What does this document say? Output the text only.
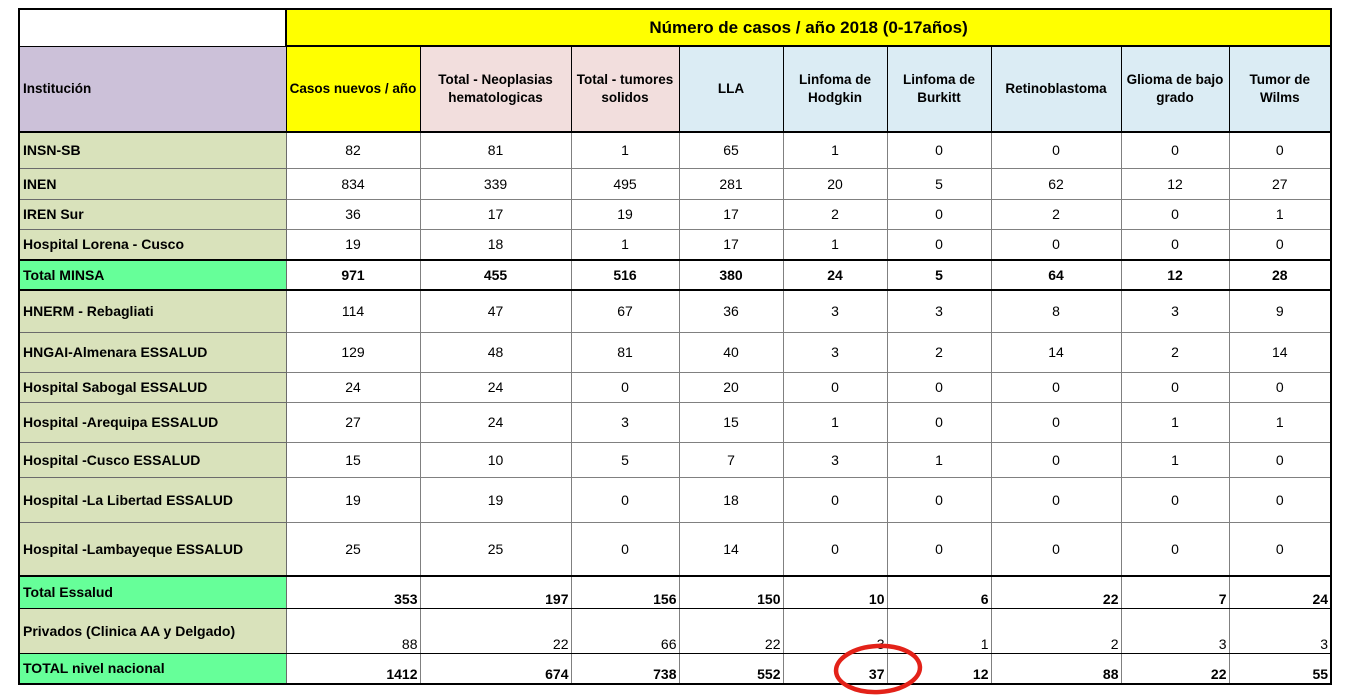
	Número de casos / año 2018 (0-17años)								
Institución	Casos nuevos / año	Total - Neoplasias hematologicas	Total - tumores solidos	LLA	Linfoma de Hodgkin	Linfoma de Burkitt	Retinoblastoma	Glioma de bajo grado	Tumor de Wilms
INSN-SB	82	81	1	65	1	0	0	0	0
INEN	834	339	495	281	20	5	62	12	27
IREN Sur	36	17	19	17	2	0	2	0	1
Hospital Lorena - Cusco	19	18	1	17	1	0	0	0	0
Total MINSA	971	455	516	380	24	5	64	12	28
HNERM - Rebagliati	114	47	67	36	3	3	8	3	9
HNGAI-Almenara ESSALUD	129	48	81	40	3	2	14	2	14
Hospital Sabogal ESSALUD	24	24	0	20	0	0	0	0	0
Hospital -Arequipa ESSALUD	27	24	3	15	1	0	0	1	1
Hospital -Cusco ESSALUD	15	10	5	7	3	1	0	1	0
Hospital -La Libertad ESSALUD	19	19	0	18	0	0	0	0	0
Hospital -Lambayeque ESSALUD	25	25	0	14	0	0	0	0	0
Total Essalud	353	197	156	150	10	6	22	7	24
Privados (Clinica AA y Delgado)	88	22	66	22	3	1	2	3	3
TOTAL nivel nacional	1412	674	738	552	37	12	88	22	55
